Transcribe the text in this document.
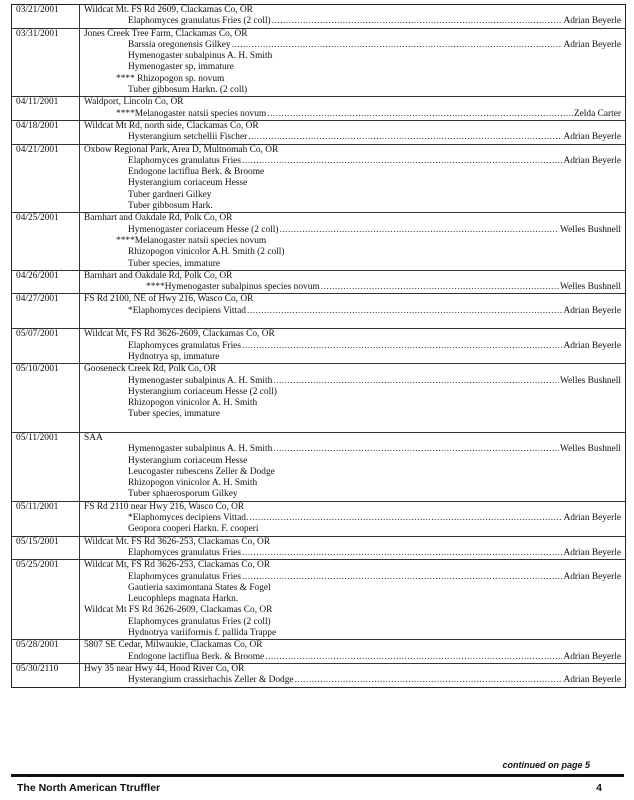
03/21/2001	Wildcat Mt. FS Rd 2609, Clackamas Co, OR
Elaphomyces granulatus Fries (2 coll) .....	Adrian Beyerle
03/31/2001	Jones Creek Tree Farm, Clackamas Co, OR
Barssia oregonensis Gilkey .....	Adrian Beyerle
Hymenogaster subalpinus A. H. Smith
Hymenogaster sp, immature
**** Rhizopogon sp. novum
Tuber gibbosum Harkn. (2 coll)
04/11/2001	Waldport, Lincoln Co, OR
****Melanogaster natsii species novum .....	Zelda Carter
04/18/2001	Wildcat Mt Rd, north side, Clackamas Co, OR
Hysterangium setchellii Fischer .....	Adrian Beyerle
04/21/2001	Oxbow Regional Park, Area D, Multnomah Co, OR
Elaphomyces granulatus Fries .....	Adrian Beyerle
Endogone lactiflua Berk. & Broome
Hysterangium coriaceum Hesse
Tuber gardneri Gilkey
Tuber gibbosum Hark.
04/25/2001	Barnhart and Oakdale Rd, Polk Co, OR
Hymenogaster coriaceum Hesse (2 coll) .....	Welles Bushnell
****Melanogaster natsii species novum
Rhizopogon vinicolor A.H. Smith (2 coll)
Tuber species, immature
04/26/2001	Barnhart and Oakdale Rd, Polk Co, OR
****Hymenogaster subalpinus species novum .....	Welles Bushnell
04/27/2001	FS Rd 2100, NE of Hwy 216, Wasco Co, OR
*Elaphomyces decipiens Vittad .....	Adrian Beyerle
05/07/2001	Wildcat Mt, FS Rd 3626-2609, Clackamas Co, OR
Elaphomyces granulatus Fries .....	Adrian Beyerle
Hydnotrya sp, immature
05/10/2001	Gooseneck Creek Rd, Polk Co, OR
Hymenogaster subalpinus A. H. Smith .....	Welles Bushnell
Hysterangium coriaceum Hesse (2 coll)
Rhizopogon vinicolor A. H. Smith
Tuber species, immature
05/11/2001	SAA
Hymenogaster subalpinus A. H. Smith .....	Welles Bushnell
Hysterangium coriaceum Hesse
Leucogaster rubescens Zeller & Dodge
Rhizopogon vinicolor A. H. Smith
Tuber sphaerosporum Gilkey
05/11/2001	FS Rd 2110 near Hwy 216, Wasco Co, OR
*Elaphomyces decipiens Vittad. .....	Adrian Beyerle
Geopora cooperi Harkn. F. cooperi
05/15/2001	Wildcat Mt. FS Rd 3626-253, Clackamas Co, OR
Elaphomyces granulatus Fries .....	Adrian Beyerle
05/25/2001	Wildcat Mt, FS Rd 3626-253, Clackamas Co, OR
Elaphomyces granulatus Fries .....	Adrian Beyerle
Gautieria saximontana States & Fogel
Leucophleps magnata Harkn.
Wildcat Mt FS Rd 3626-2609, Clackamas Co, OR
Elaphomyces granulatus Fries (2 coll)
Hydnotrya variiformis f. pallida Trappe
05/28/2001	5807 SE Cedar, Milwaukie, Clackamas Co, OR
Endogone lactiflua Berk. & Broome .....	Adrian Beyerle
05/30/2110	Hwy 35 near Hwy 44, Hood River Co, OR
Hysterangium crassirhachis Zeller & Dodge .....	Adrian Beyerle
continued on page 5
The North American Ttruffler	4
